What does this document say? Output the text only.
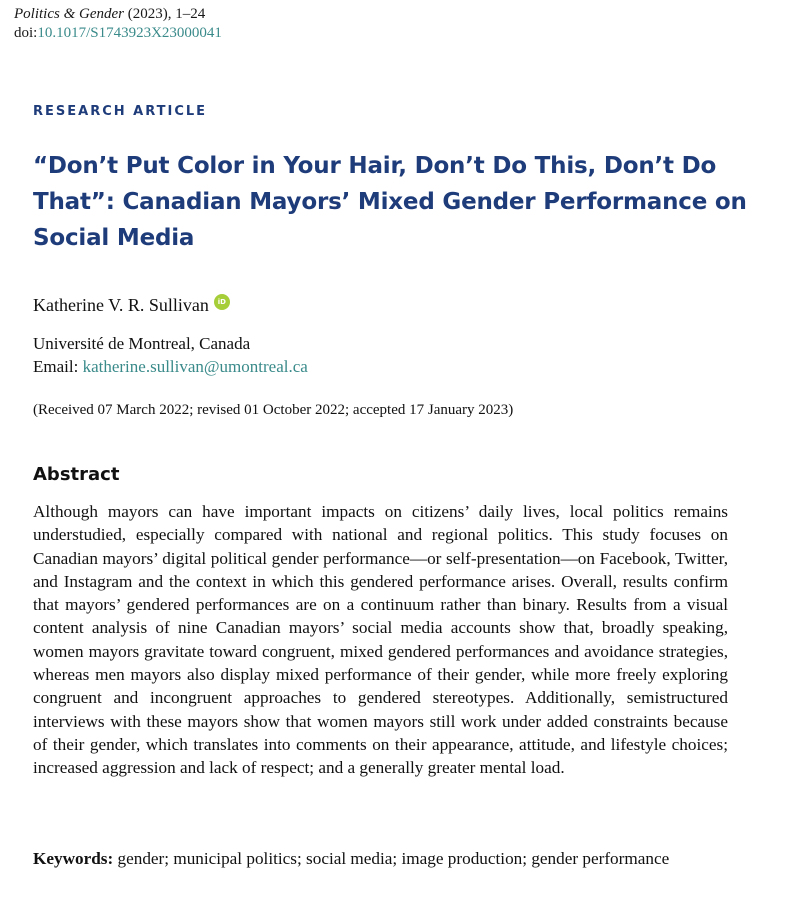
Politics & Gender (2023), 1–24
doi:10.1017/S1743923X23000041
RESEARCH ARTICLE
“Don’t Put Color in Your Hair, Don’t Do This, Don’t Do That”: Canadian Mayors’ Mixed Gender Performance on Social Media
Katherine V. R. Sullivan	iD
Université de Montreal, Canada
Email: katherine.sullivan@umontreal.ca
(Received 07 March 2022; revised 01 October 2022; accepted 17 January 2023)
Abstract

Although mayors can have important impacts on citizens’ daily lives, local politics remains understudied, especially compared with national and regional politics. This study focuses on Canadian mayors’ digital political gender performance—or self-presentation—on Facebook, Twitter, and Instagram and the context in which this gendered performance arises. Overall, results confirm that mayors’ gendered performances are on a continuum rather than binary. Results from a visual content analysis of nine Canadian mayors’ social media accounts show that, broadly speaking, women mayors gravitate toward congruent, mixed gendered performances and avoidance strategies, whereas men mayors also display mixed performance of their gender, while more freely exploring congruent and incongruent approaches to gendered stereotypes. Additionally, semistructured interviews with these mayors show that women mayors still work under added constraints because of their gender, which translates into comments on their appearance, attitude, and lifestyle choices; increased aggression and lack of respect; and a generally greater mental load.

Keywords: gender; municipal politics; social media; image production; gender performance
